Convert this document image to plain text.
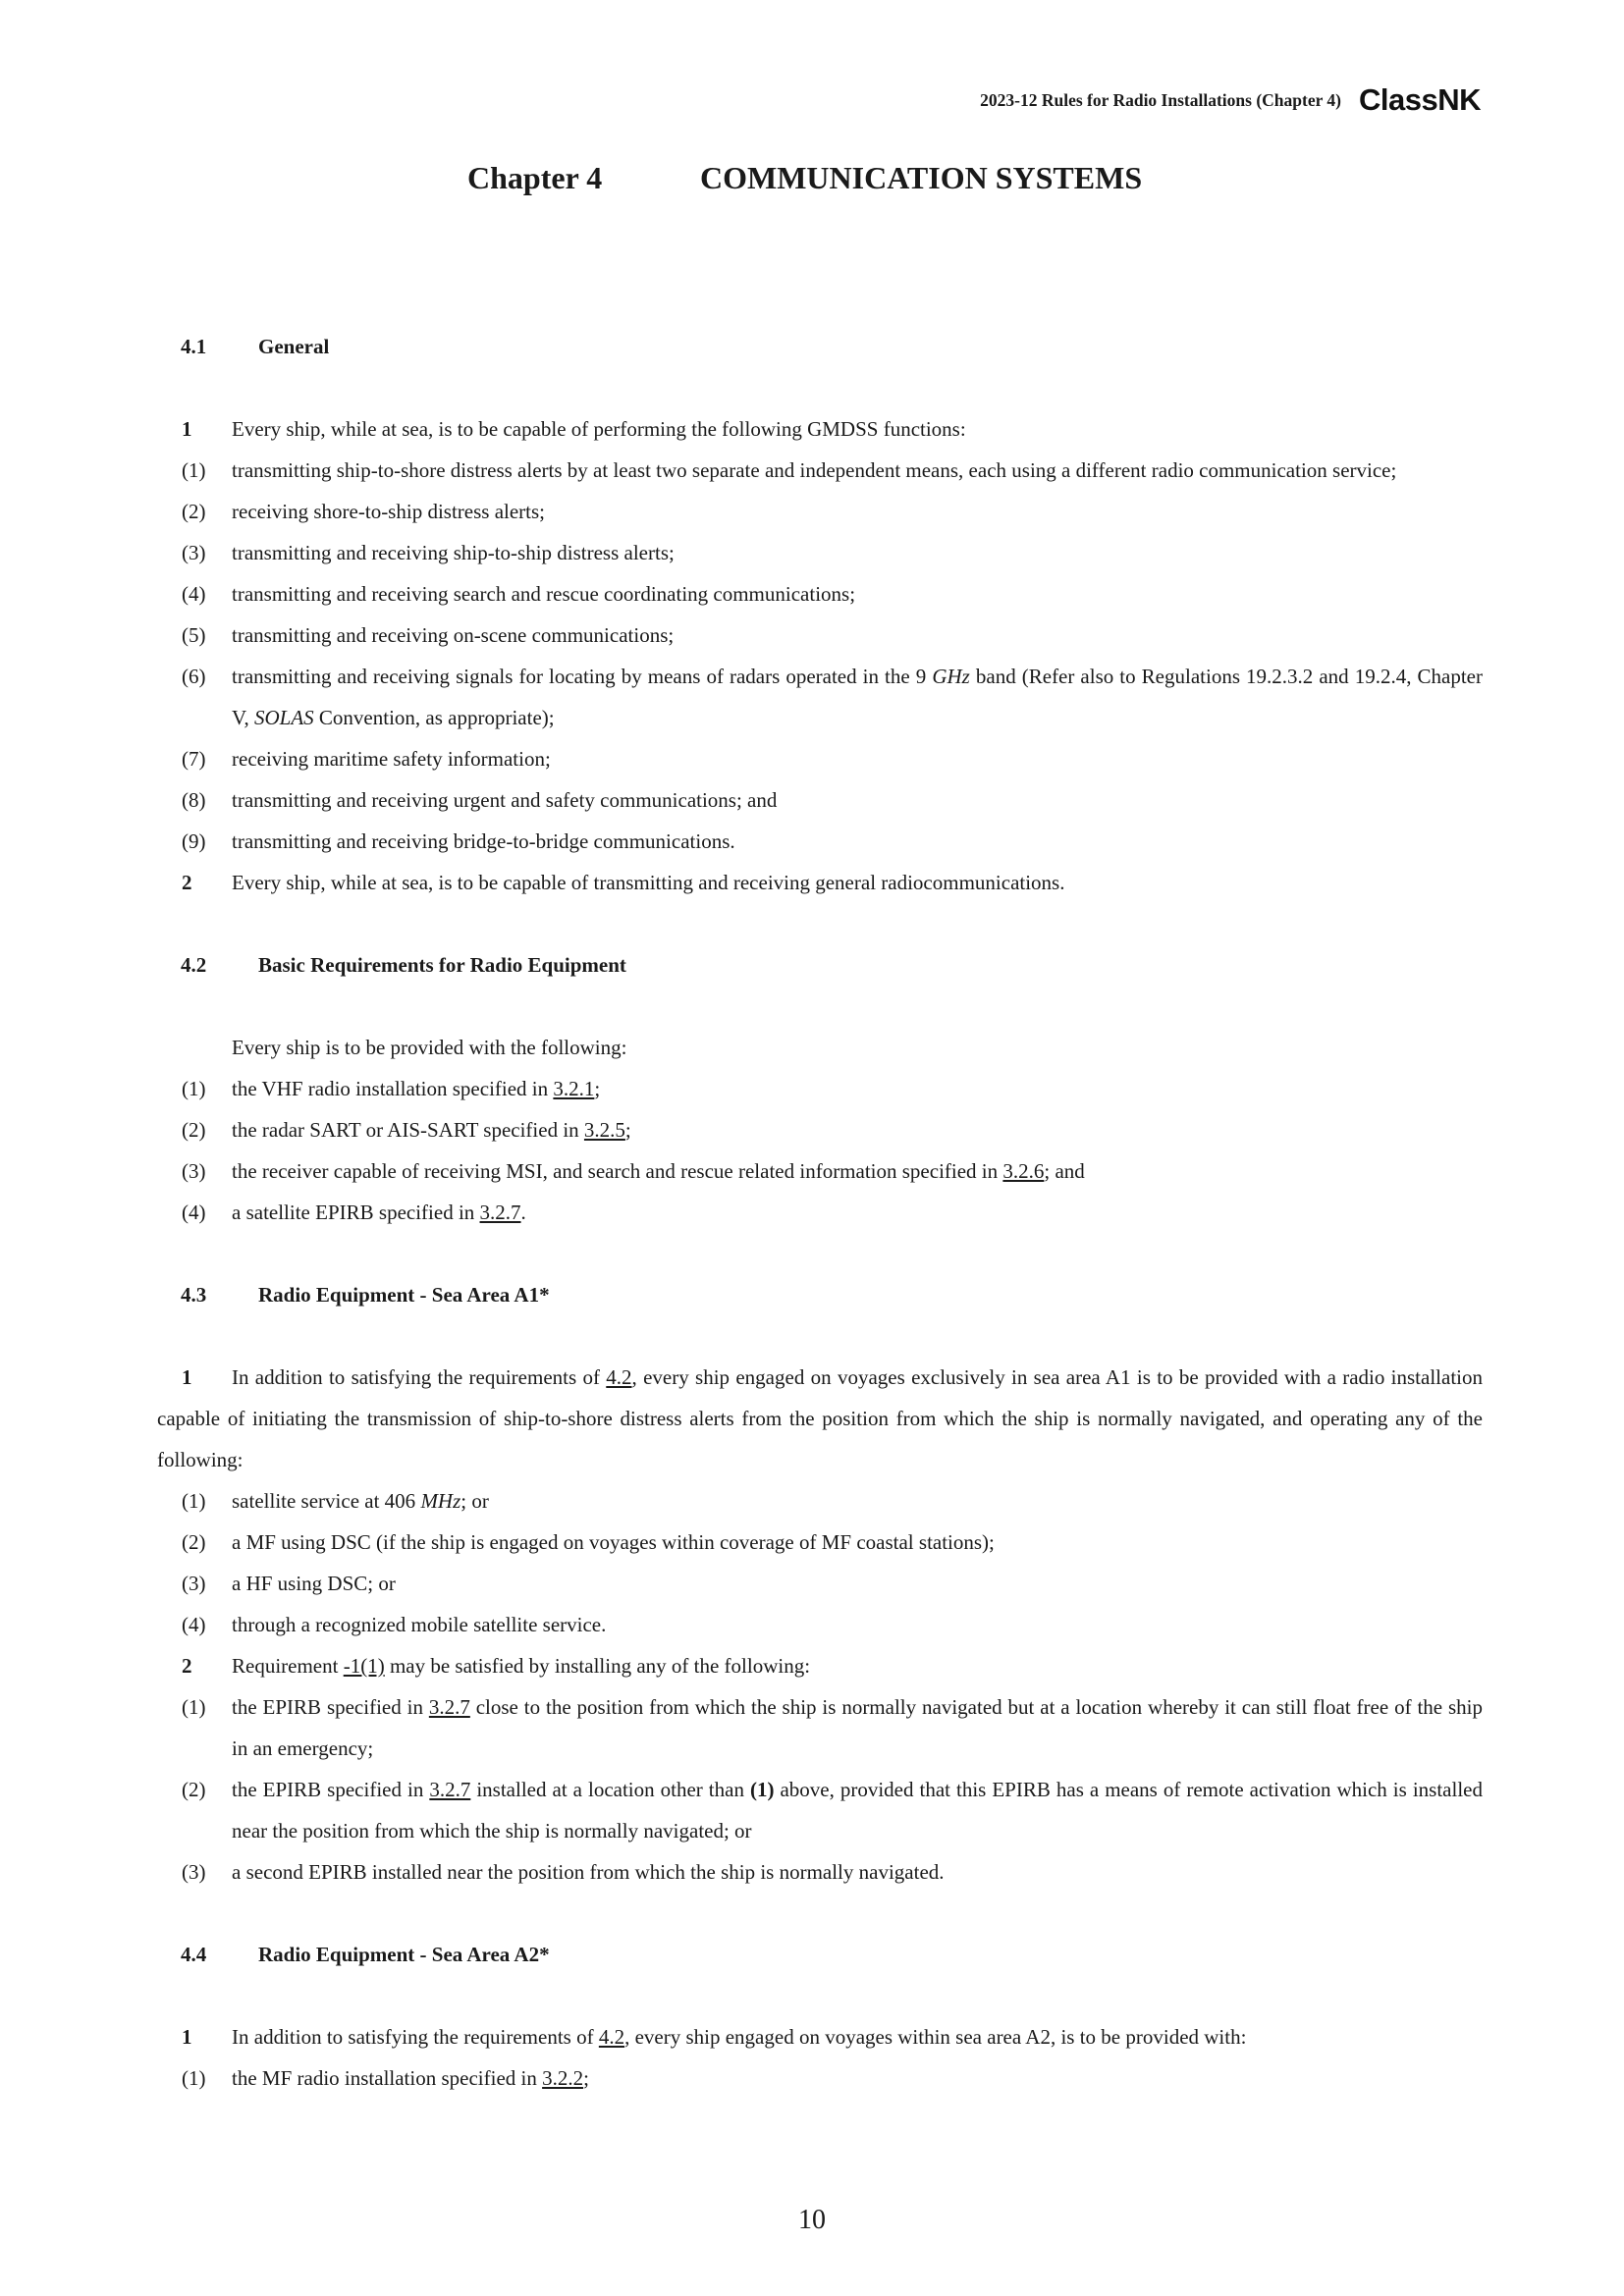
2023-12 Rules for Radio Installations (Chapter 4) ClassNK
Chapter 4	COMMUNICATION SYSTEMS
4.1	General
1 Every ship, while at sea, is to be capable of performing the following GMDSS functions:
(1) transmitting ship-to-shore distress alerts by at least two separate and independent means, each using a different radio communication service;
(2) receiving shore-to-ship distress alerts;
(3) transmitting and receiving ship-to-ship distress alerts;
(4) transmitting and receiving search and rescue coordinating communications;
(5) transmitting and receiving on-scene communications;
(6) transmitting and receiving signals for locating by means of radars operated in the 9 GHz band (Refer also to Regulations 19.2.3.2 and 19.2.4, Chapter V, SOLAS Convention, as appropriate);
(7) receiving maritime safety information;
(8) transmitting and receiving urgent and safety communications; and
(9) transmitting and receiving bridge-to-bridge communications.
2 Every ship, while at sea, is to be capable of transmitting and receiving general radiocommunications.
4.2	Basic Requirements for Radio Equipment
Every ship is to be provided with the following:
(1) the VHF radio installation specified in 3.2.1;
(2) the radar SART or AIS-SART specified in 3.2.5;
(3) the receiver capable of receiving MSI, and search and rescue related information specified in 3.2.6; and
(4) a satellite EPIRB specified in 3.2.7.
4.3	Radio Equipment - Sea Area A1*
1 In addition to satisfying the requirements of 4.2, every ship engaged on voyages exclusively in sea area A1 is to be provided with a radio installation capable of initiating the transmission of ship-to-shore distress alerts from the position from which the ship is normally navigated, and operating any of the following:
(1) satellite service at 406 MHz; or
(2) a MF using DSC (if the ship is engaged on voyages within coverage of MF coastal stations);
(3) a HF using DSC; or
(4) through a recognized mobile satellite service.
2 Requirement -1(1) may be satisfied by installing any of the following:
(1) the EPIRB specified in 3.2.7 close to the position from which the ship is normally navigated but at a location whereby it can still float free of the ship in an emergency;
(2) the EPIRB specified in 3.2.7 installed at a location other than (1) above, provided that this EPIRB has a means of remote activation which is installed near the position from which the ship is normally navigated; or
(3) a second EPIRB installed near the position from which the ship is normally navigated.
4.4	Radio Equipment - Sea Area A2*
1 In addition to satisfying the requirements of 4.2, every ship engaged on voyages within sea area A2, is to be provided with:
(1) the MF radio installation specified in 3.2.2;
10
